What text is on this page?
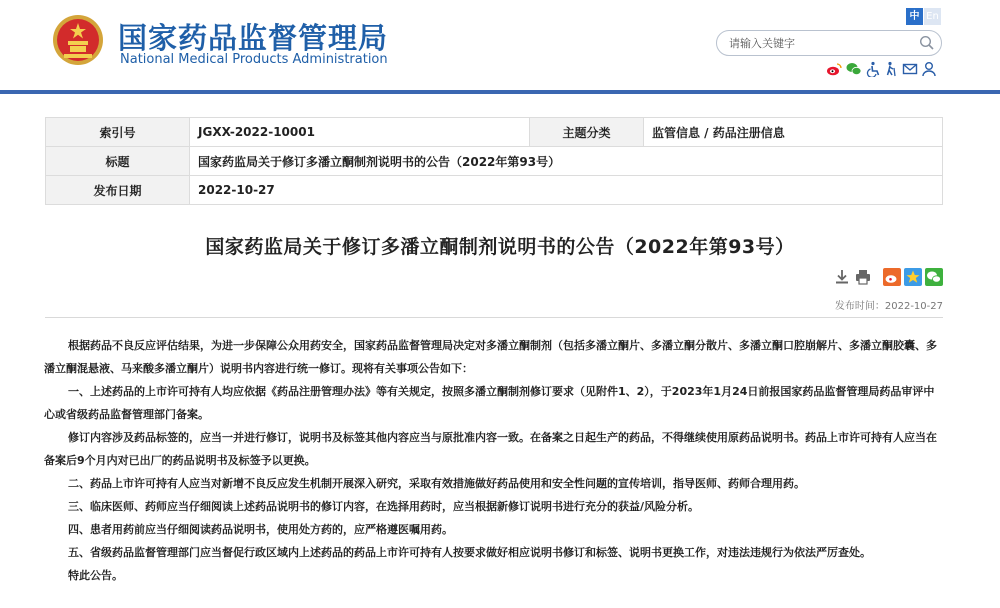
国家药品监督管理局
National Medical Products Administration
中 En
请输入关键字
索引号	JGXX-2022-10001	主题分类	监管信息 / 药品注册信息
标题	国家药监局关于修订多潘立酮制剂说明书的公告（2022年第93号）		
发布日期	2022-10-27		
国家药监局关于修订多潘立酮制剂说明书的公告（2022年第93号）
发布时间：2022-10-27

根据药品不良反应评估结果，为进一步保障公众用药安全，国家药品监督管理局决定对多潘立酮制剂（包括多潘立酮片、多潘立酮分散片、多潘立酮口腔崩解片、多潘立酮胶囊、多潘立酮混悬液、马来酸多潘立酮片）说明书内容进行统一修订。现将有关事项公告如下：

一、上述药品的上市许可持有人均应依据《药品注册管理办法》等有关规定，按照多潘立酮制剂修订要求（见附件1、2），于2023年1月24日前报国家药品监督管理局药品审评中心或省级药品监督管理部门备案。

修订内容涉及药品标签的，应当一并进行修订，说明书及标签其他内容应当与原批准内容一致。在备案之日起生产的药品，不得继续使用原药品说明书。药品上市许可持有人应当在备案后9个月内对已出厂的药品说明书及标签予以更换。

二、药品上市许可持有人应当对新增不良反应发生机制开展深入研究，采取有效措施做好药品使用和安全性问题的宣传培训，指导医师、药师合理用药。

三、临床医师、药师应当仔细阅读上述药品说明书的修订内容，在选择用药时，应当根据新修订说明书进行充分的获益/风险分析。

四、患者用药前应当仔细阅读药品说明书，使用处方药的，应严格遵医嘱用药。

五、省级药品监督管理部门应当督促行政区域内上述药品的药品上市许可持有人按要求做好相应说明书修订和标签、说明书更换工作，对违法违规行为依法严厉查处。

特此公告。
